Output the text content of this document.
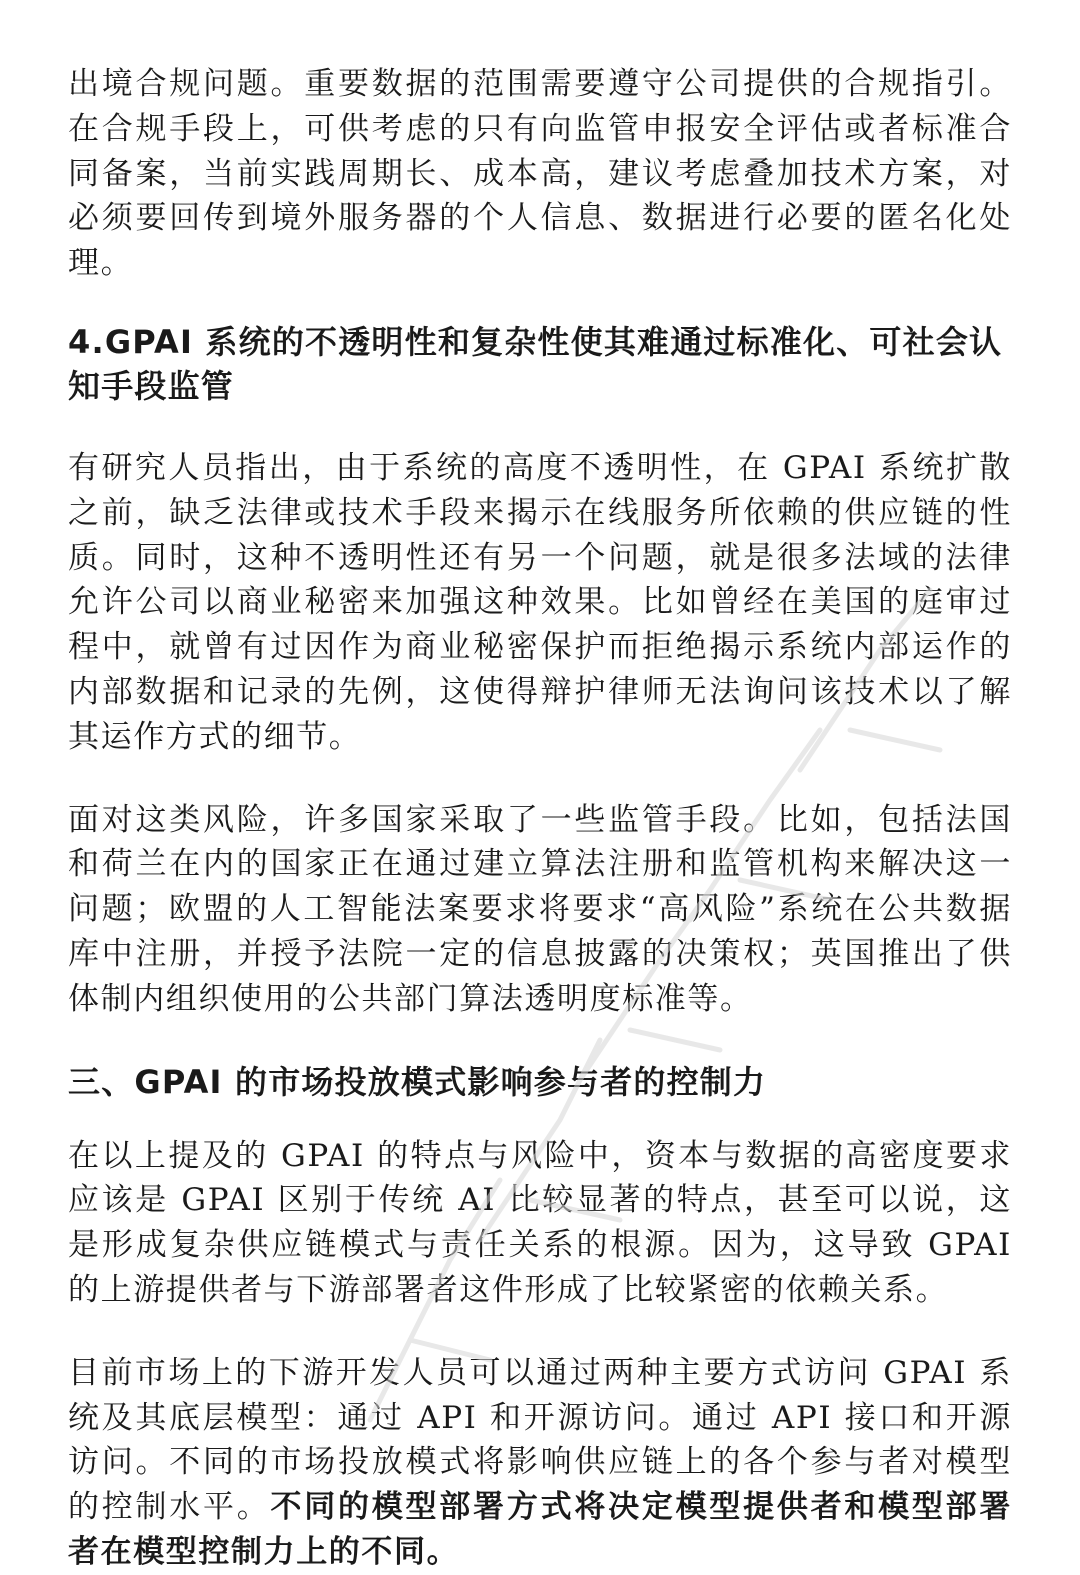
出境合规问题。重要数据的范围需要遵守公司提供的合规指引。在合规手段上，可供考虑的只有向监管申报安全评估或者标准合同备案，当前实践周期长、成本高，建议考虑叠加技术方案，对必须要回传到境外服务器的个人信息、数据进行必要的匿名化处理。

4.GPAI 系统的不透明性和复杂性使其难通过标准化、可社会认知手段监管

有研究人员指出，由于系统的高度不透明性，在 GPAI 系统扩散之前，缺乏法律或技术手段来揭示在线服务所依赖的供应链的性质。同时，这种不透明性还有另一个问题，就是很多法域的法律允许公司以商业秘密来加强这种效果。比如曾经在美国的庭审过程中，就曾有过因作为商业秘密保护而拒绝揭示系统内部运作的内部数据和记录的先例，这使得辩护律师无法询问该技术以了解其运作方式的细节。

面对这类风险，许多国家采取了一些监管手段。比如，包括法国和荷兰在内的国家正在通过建立算法注册和监管机构来解决这一问题；欧盟的人工智能法案要求将要求“高风险”系统在公共数据库中注册，并授予法院一定的信息披露的决策权；英国推出了供体制内组织使用的公共部门算法透明度标准等。

三、GPAI 的市场投放模式影响参与者的控制力

在以上提及的 GPAI 的特点与风险中，资本与数据的高密度要求应该是 GPAI 区别于传统 AI 比较显著的特点，甚至可以说，这是形成复杂供应链模式与责任关系的根源。因为，这导致 GPAI 的上游提供者与下游部署者这件形成了比较紧密的依赖关系。

目前市场上的下游开发人员可以通过两种主要方式访问 GPAI 系统及其底层模型：通过 API 和开源访问。通过 API 接口和开源访问。不同的市场投放模式将影响供应链上的各个参与者对模型的控制水平。不同的模型部署方式将决定模型提供者和模型部署者在模型控制力上的不同。
